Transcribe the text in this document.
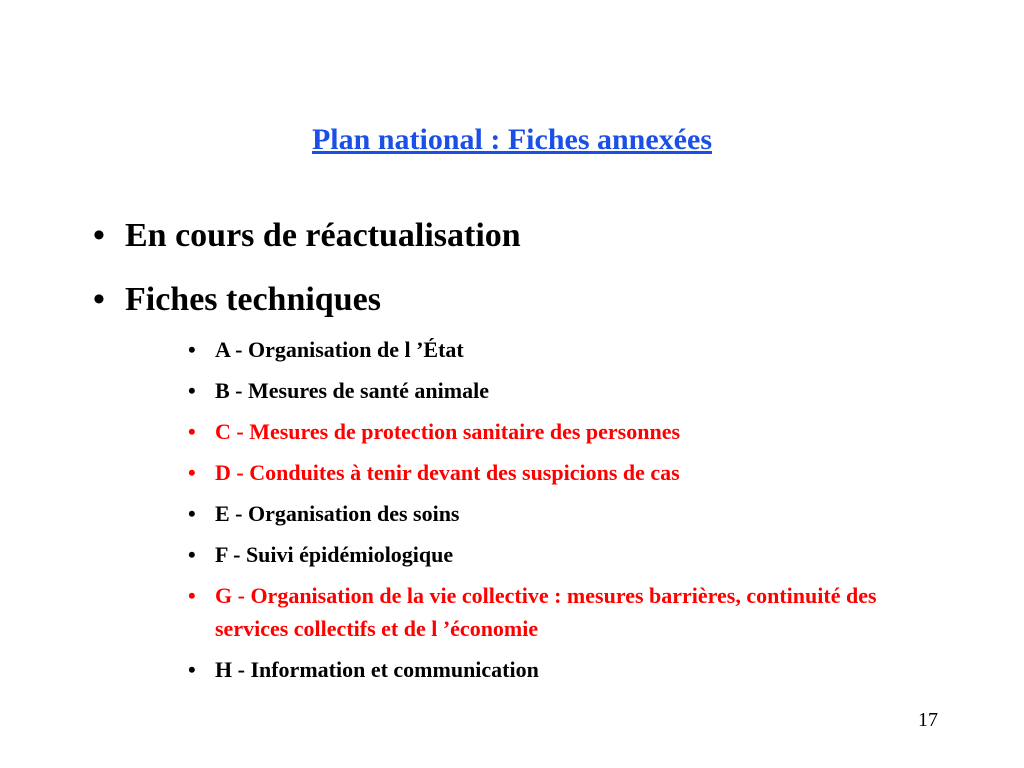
Plan national : Fiches annexées
• En cours de réactualisation
• Fiches techniques
• A - Organisation de l ’État
• B - Mesures de santé animale
• C - Mesures de protection sanitaire des personnes
• D - Conduites à tenir devant des suspicions de cas
• E - Organisation des soins
• F - Suivi épidémiologique
• G - Organisation de la vie collective : mesures barrières, continuité des services collectifs et de l ’économie
• H - Information et communication
17
